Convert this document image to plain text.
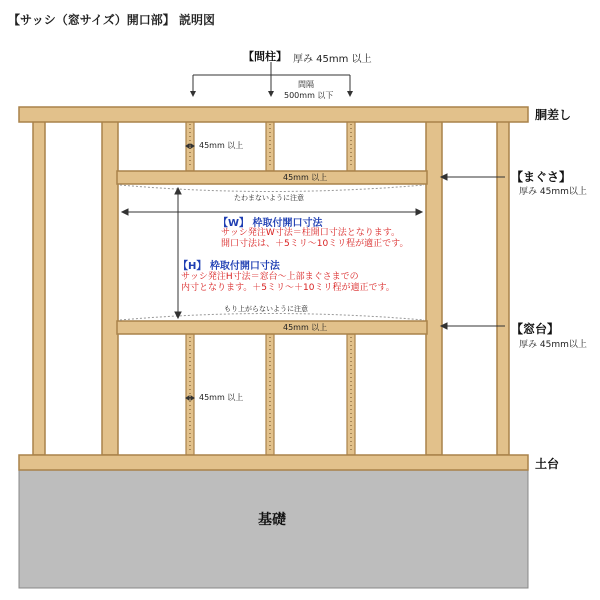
【サッシ（窓サイズ）開口部】 説明図
【間柱】 厚み 45mm 以上
間隔
500mm 以下
胴差し
45mm 以上
45mm 以上
たわまないように注意
【まぐさ】
厚み 45mm以上
【W】 枠取付開口寸法
サッシ発注W寸法＝柱開口寸法となります。
開口寸法は、＋5ミリ～10ミリ程が適正です。
【H】 枠取付開口寸法
サッシ発注H寸法＝窓台～上部まぐさまでの
内寸となります。＋5ミリ～＋10ミリ程が適正です。
もり上がらないように注意
45mm 以上	【窓台】
厚み 45mm以上
45mm 以上
土台
基礎
